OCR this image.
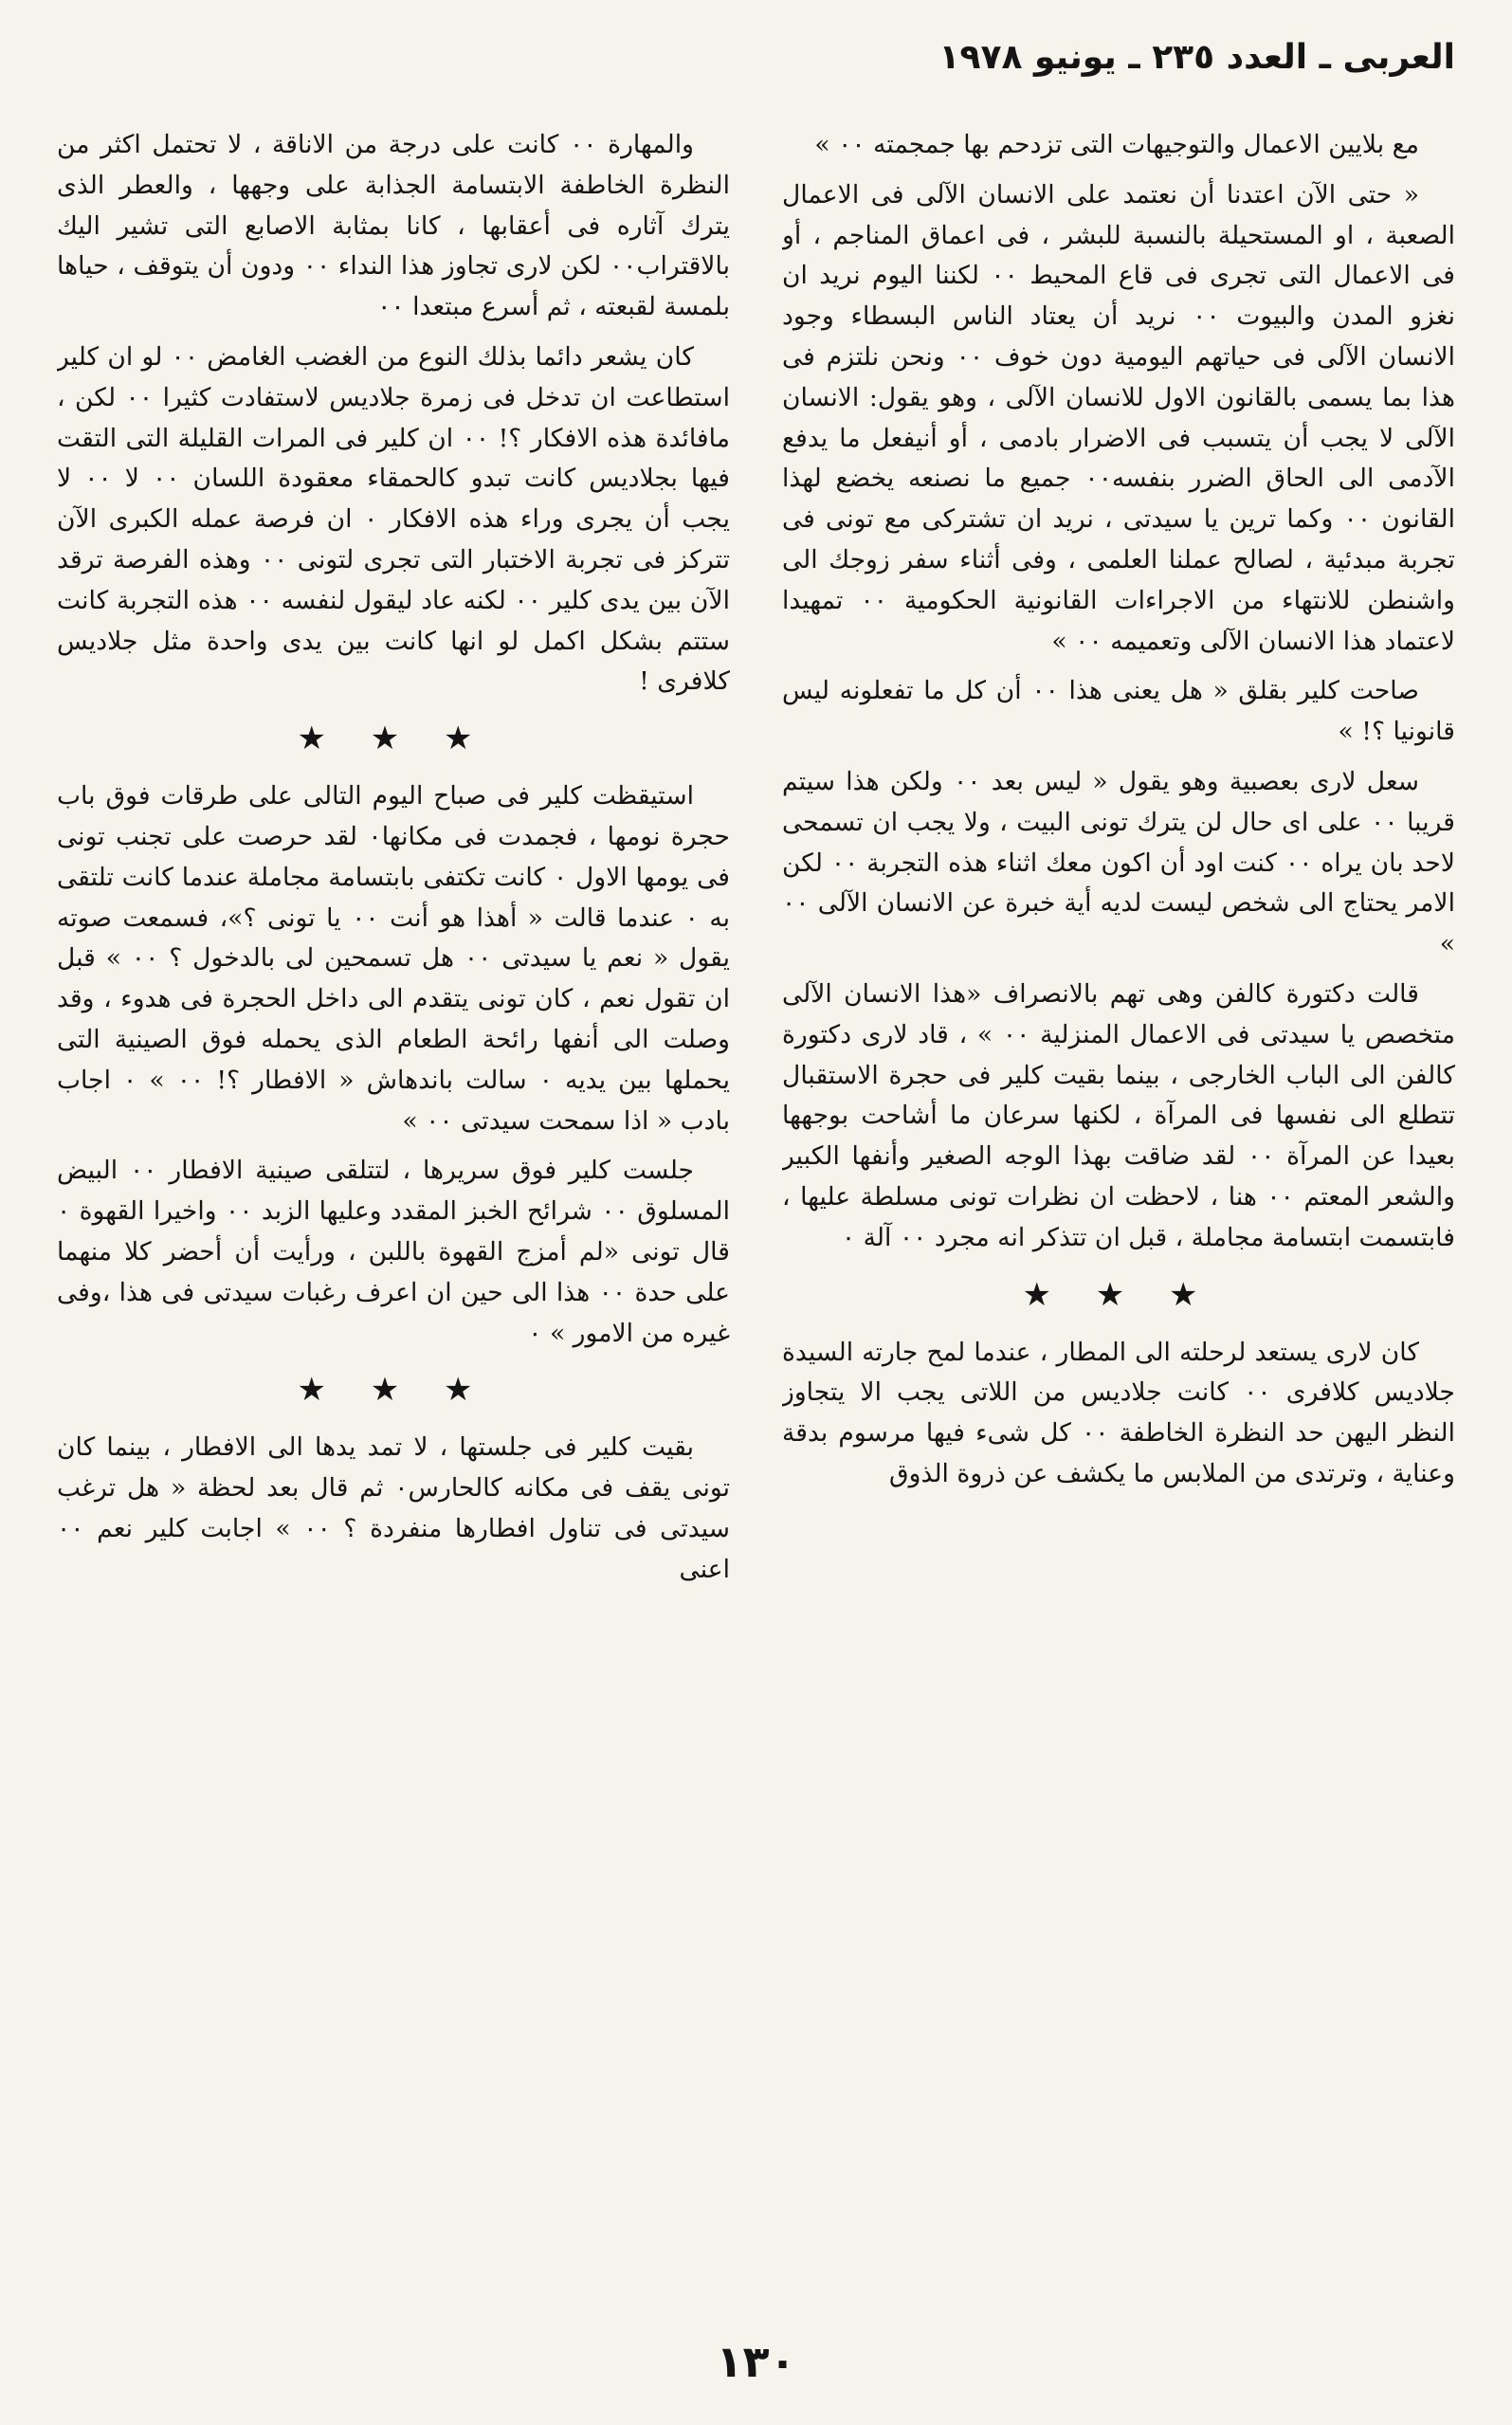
العربى ـ العدد ٢٣٥ ـ يونيو ١٩٧٨

مع بلايين الاعمال والتوجيهات التى تزدحم بها جمجمته ٠٠ »

« حتى الآن اعتدنا أن نعتمد على الانسان الآلى فى الاعمال الصعبة ، او المستحيلة بالنسبة للبشر ، فى اعماق المناجم ، أو فى الاعمال التى تجرى فى قاع المحيط ٠٠ لكننا اليوم نريد ان نغزو المدن والبيوت ٠٠ نريد أن يعتاد الناس البسطاء وجود الانسان الآلى فى حياتهم اليومية دون خوف ٠٠ ونحن نلتزم فى هذا بما يسمى بالقانون الاول للانسان الآلى ، وهو يقول: الانسان الآلى لا يجب أن يتسبب فى الاضرار بادمى ، أو أنيفعل ما يدفع الآدمى الى الحاق الضرر بنفسه٠٠ جميع ما نصنعه يخضع لهذا القانون ٠٠ وكما ترين يا سيدتى ، نريد ان تشتركى مع تونى فى تجربة مبدئية ، لصالح عملنا العلمى ، وفى أثناء سفر زوجك الى واشنطن للانتهاء من الاجراءات القانونية الحكومية ٠٠ تمهيدا لاعتماد هذا الانسان الآلى وتعميمه ٠٠ »

صاحت كلير بقلق « هل يعنى هذا ٠٠ أن كل ما تفعلونه ليس قانونيا ؟! »

سعل لارى بعصبية وهو يقول « ليس بعد ٠٠ ولكن هذا سيتم قريبا ٠٠ على اى حال لن يترك تونى البيت ، ولا يجب ان تسمحى لاحد بان يراه ٠٠ كنت اود أن اكون معك اثناء هذه التجربة ٠٠ لكن الامر يحتاج الى شخص ليست لديه أية خبرة عن الانسان الآلى ٠٠ »

قالت دكتورة كالفن وهى تهم بالانصراف «هذا الانسان الآلى متخصص يا سيدتى فى الاعمال المنزلية ٠٠ » ، قاد لارى دكتورة كالفن الى الباب الخارجى ، بينما بقيت كلير فى حجرة الاستقبال تتطلع الى نفسها فى المرآة ، لكنها سرعان ما أشاحت بوجهها بعيدا عن المرآة ٠٠ لقد ضاقت بهذا الوجه الصغير وأنفها الكبير والشعر المعتم ٠٠ هنا ، لاحظت ان نظرات تونى مسلطة عليها ، فابتسمت ابتسامة مجاملة ، قبل ان تتذكر انه مجرد ٠٠ آلة ٠

★ ★ ★

كان لارى يستعد لرحلته الى المطار ، عندما لمح جارته السيدة جلاديس كلافرى ٠٠ كانت جلاديس من اللاتى يجب الا يتجاوز النظر اليهن حد النظرة الخاطفة ٠٠ كل شىء فيها مرسوم بدقة وعناية ، وترتدى من الملابس ما يكشف عن ذروة الذوق

والمهارة ٠٠ كانت على درجة من الاناقة ، لا تحتمل اكثر من النظرة الخاطفة الابتسامة الجذابة على وجهها ، والعطر الذى يترك آثاره فى أعقابها ، كانا بمثابة الاصابع التى تشير اليك بالاقتراب٠٠ لكن لارى تجاوز هذا النداء ٠٠ ودون أن يتوقف ، حياها بلمسة لقبعته ، ثم أسرع مبتعدا ٠٠

كان يشعر دائما بذلك النوع من الغضب الغامض ٠٠ لو ان كلير استطاعت ان تدخل فى زمرة جلاديس لاستفادت كثيرا ٠٠ لكن ، مافائدة هذه الافكار ؟! ٠٠ ان كلير فى المرات القليلة التى التقت فيها بجلاديس كانت تبدو كالحمقاء معقودة اللسان ٠٠ لا ٠٠ لا يجب أن يجرى وراء هذه الافكار ٠ ان فرصة عمله الكبرى الآن تتركز فى تجربة الاختبار التى تجرى لتونى ٠٠ وهذه الفرصة ترقد الآن بين يدى كلير ٠٠ لكنه عاد ليقول لنفسه ٠٠ هذه التجربة كانت ستتم بشكل اكمل لو انها كانت بين يدى واحدة مثل جلاديس كلافرى !

★ ★ ★

استيقظت كلير فى صباح اليوم التالى على طرقات فوق باب حجرة نومها ، فجمدت فى مكانها٠ لقد حرصت على تجنب تونى فى يومها الاول ٠ كانت تكتفى بابتسامة مجاملة عندما كانت تلتقى به ٠ عندما قالت « أهذا هو أنت ٠٠ يا تونى ؟»، فسمعت صوته يقول « نعم يا سيدتى ٠٠ هل تسمحين لى بالدخول ؟ ٠٠ » قبل ان تقول نعم ، كان تونى يتقدم الى داخل الحجرة فى هدوء ، وقد وصلت الى أنفها رائحة الطعام الذى يحمله فوق الصينية التى يحملها بين يديه ٠ سالت باندهاش « الافطار ؟! ٠٠ » ٠ اجاب بادب « اذا سمحت سيدتى ٠٠ »

جلست كلير فوق سريرها ، لتتلقى صينية الافطار ٠٠ البيض المسلوق ٠٠ شرائح الخبز المقدد وعليها الزبد ٠٠ واخيرا القهوة ٠ قال تونى «لم أمزج القهوة باللبن ، ورأيت أن أحضر كلا منهما على حدة ٠٠ هذا الى حين ان اعرف رغبات سيدتى فى هذا ،وفى غيره من الامور » ٠

★ ★ ★

بقيت كلير فى جلستها ، لا تمد يدها الى الافطار ، بينما كان تونى يقف فى مكانه كالحارس٠ ثم قال بعد لحظة « هل ترغب سيدتى فى تناول افطارها منفردة ؟ ٠٠ » اجابت كلير نعم ٠٠ اعنى

١٣٠
